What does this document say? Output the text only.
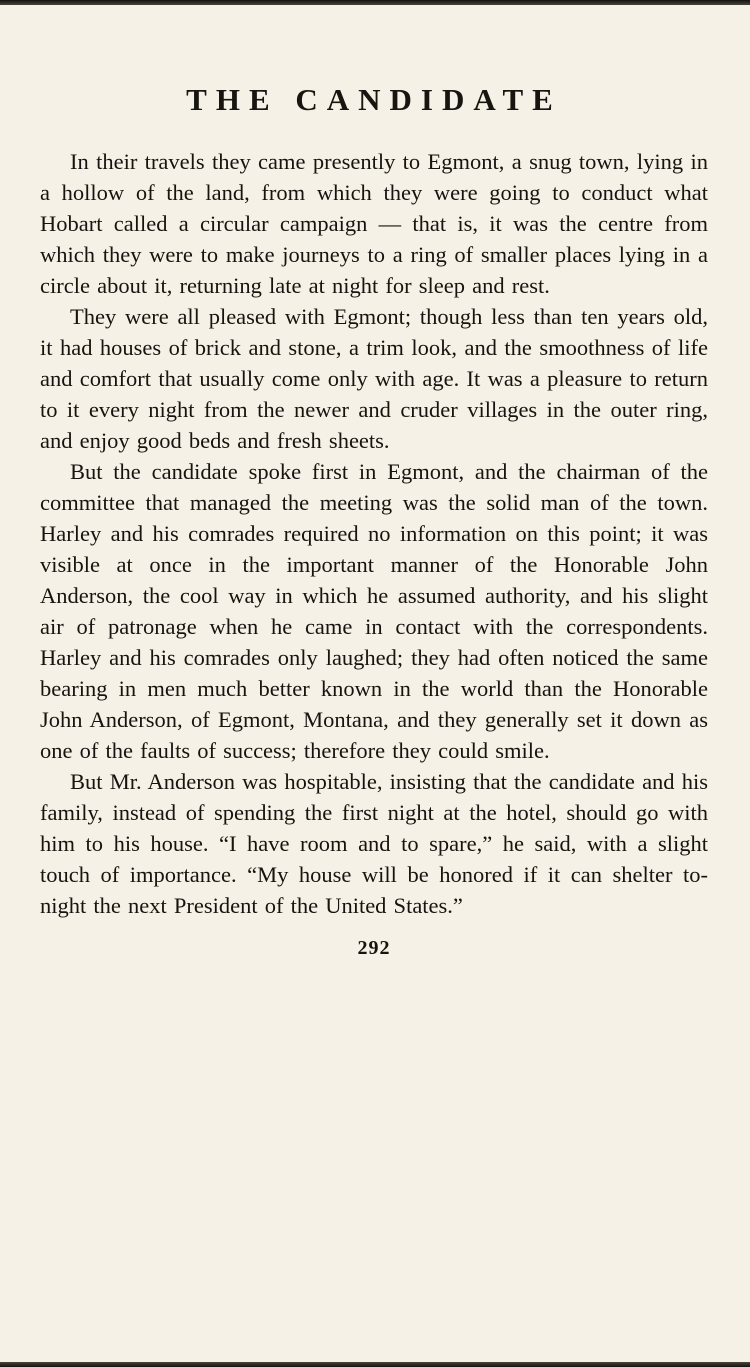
THE CANDIDATE

In their travels they came presently to Egmont, a snug town, lying in a hollow of the land, from which they were going to conduct what Hobart called a circular campaign — that is, it was the centre from which they were to make journeys to a ring of smaller places lying in a circle about it, returning late at night for sleep and rest.

They were all pleased with Egmont; though less than ten years old, it had houses of brick and stone, a trim look, and the smoothness of life and comfort that usually come only with age. It was a pleasure to return to it every night from the newer and cruder villages in the outer ring, and enjoy good beds and fresh sheets.

But the candidate spoke first in Egmont, and the chairman of the committee that managed the meeting was the solid man of the town. Harley and his comrades required no information on this point; it was visible at once in the important manner of the Honorable John Anderson, the cool way in which he assumed authority, and his slight air of patronage when he came in contact with the correspondents. Harley and his comrades only laughed; they had often noticed the same bearing in men much better known in the world than the Honorable John Anderson, of Egmont, Montana, and they generally set it down as one of the faults of success; therefore they could smile.

But Mr. Anderson was hospitable, insisting that the candidate and his family, instead of spending the first night at the hotel, should go with him to his house. “I have room and to spare,” he said, with a slight touch of importance. “My house will be honored if it can shelter to-night the next President of the United States.”

292
